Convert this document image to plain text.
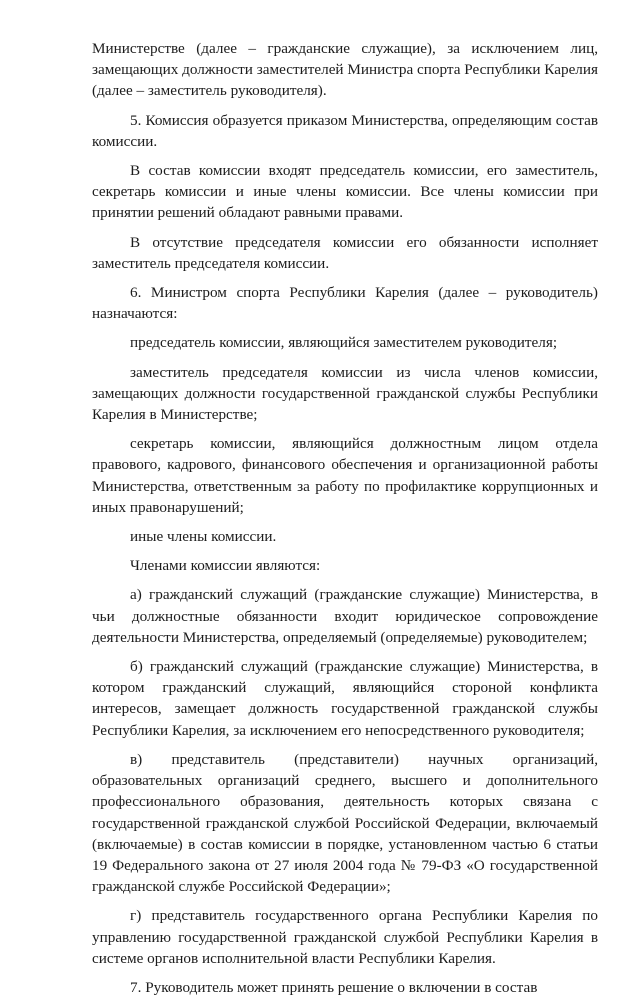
Министерстве (далее – гражданские служащие), за исключением лиц, замещающих должности заместителей Министра спорта Республики Карелия (далее – заместитель руководителя).

5. Комиссия образуется приказом Министерства, определяющим состав комиссии.

В состав комиссии входят председатель комиссии, его заместитель, секретарь комиссии и иные члены комиссии. Все члены комиссии при принятии решений обладают равными правами.

В отсутствие председателя комиссии его обязанности исполняет заместитель председателя комиссии.

6. Министром спорта Республики Карелия (далее – руководитель) назначаются:

председатель комиссии, являющийся заместителем руководителя;

заместитель председателя комиссии из числа членов комиссии, замещающих должности государственной гражданской службы Республики Карелия в Министерстве;

секретарь комиссии, являющийся должностным лицом отдела правового, кадрового, финансового обеспечения и организационной работы Министерства, ответственным за работу по профилактике коррупционных и иных правонарушений;

иные члены комиссии.

Членами комиссии являются:

а) гражданский служащий (гражданские служащие) Министерства, в чьи должностные обязанности входит юридическое сопровождение деятельности Министерства, определяемый (определяемые) руководителем;

б) гражданский служащий (гражданские служащие) Министерства, в котором гражданский служащий, являющийся стороной конфликта интересов, замещает должность государственной гражданской службы Республики Карелия, за исключением его непосредственного руководителя;

в) представитель (представители) научных организаций, образовательных организаций среднего, высшего и дополнительного профессионального образования, деятельность которых связана с государственной гражданской службой Российской Федерации, включаемый (включаемые) в состав комиссии в порядке, установленном частью 6 статьи 19 Федерального закона от 27 июля 2004 года № 79-ФЗ «О государственной гражданской службе Российской Федерации»;

г) представитель государственного органа Республики Карелия по управлению государственной гражданской службой Республики Карелия в системе органов исполнительной власти Республики Карелия.

7. Руководитель может принять решение о включении в состав
